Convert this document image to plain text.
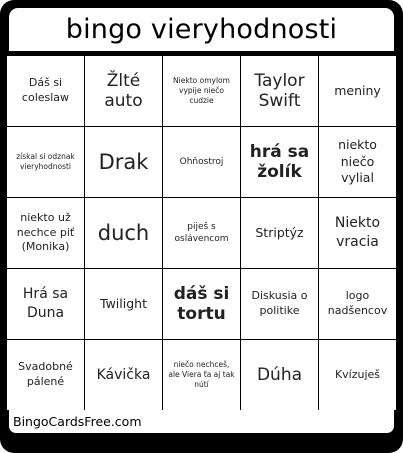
bingo vieryhodnosti
Dáš si coleslaw
Žlté auto
Niekto omylom vypije niečo cudzie
Taylor Swift
meniny
získal si odznak vieryhodnosti	Drak	Ohňostroj
hrá sa žolík
niekto niečo vylial
niekto už nechce piť (Monika)
duch	piješ s oslávencom	Striptýz
Niekto vracia
Hrá sa Duna
Twilight	dáš si tortu
Diskusia o politike
logo nadšencov
Svadobné pálené	Kávička
niečo nechceš, ale Viera ťa aj tak nútí	Dúha	Kvízuješ
BingoCardsFree.com
